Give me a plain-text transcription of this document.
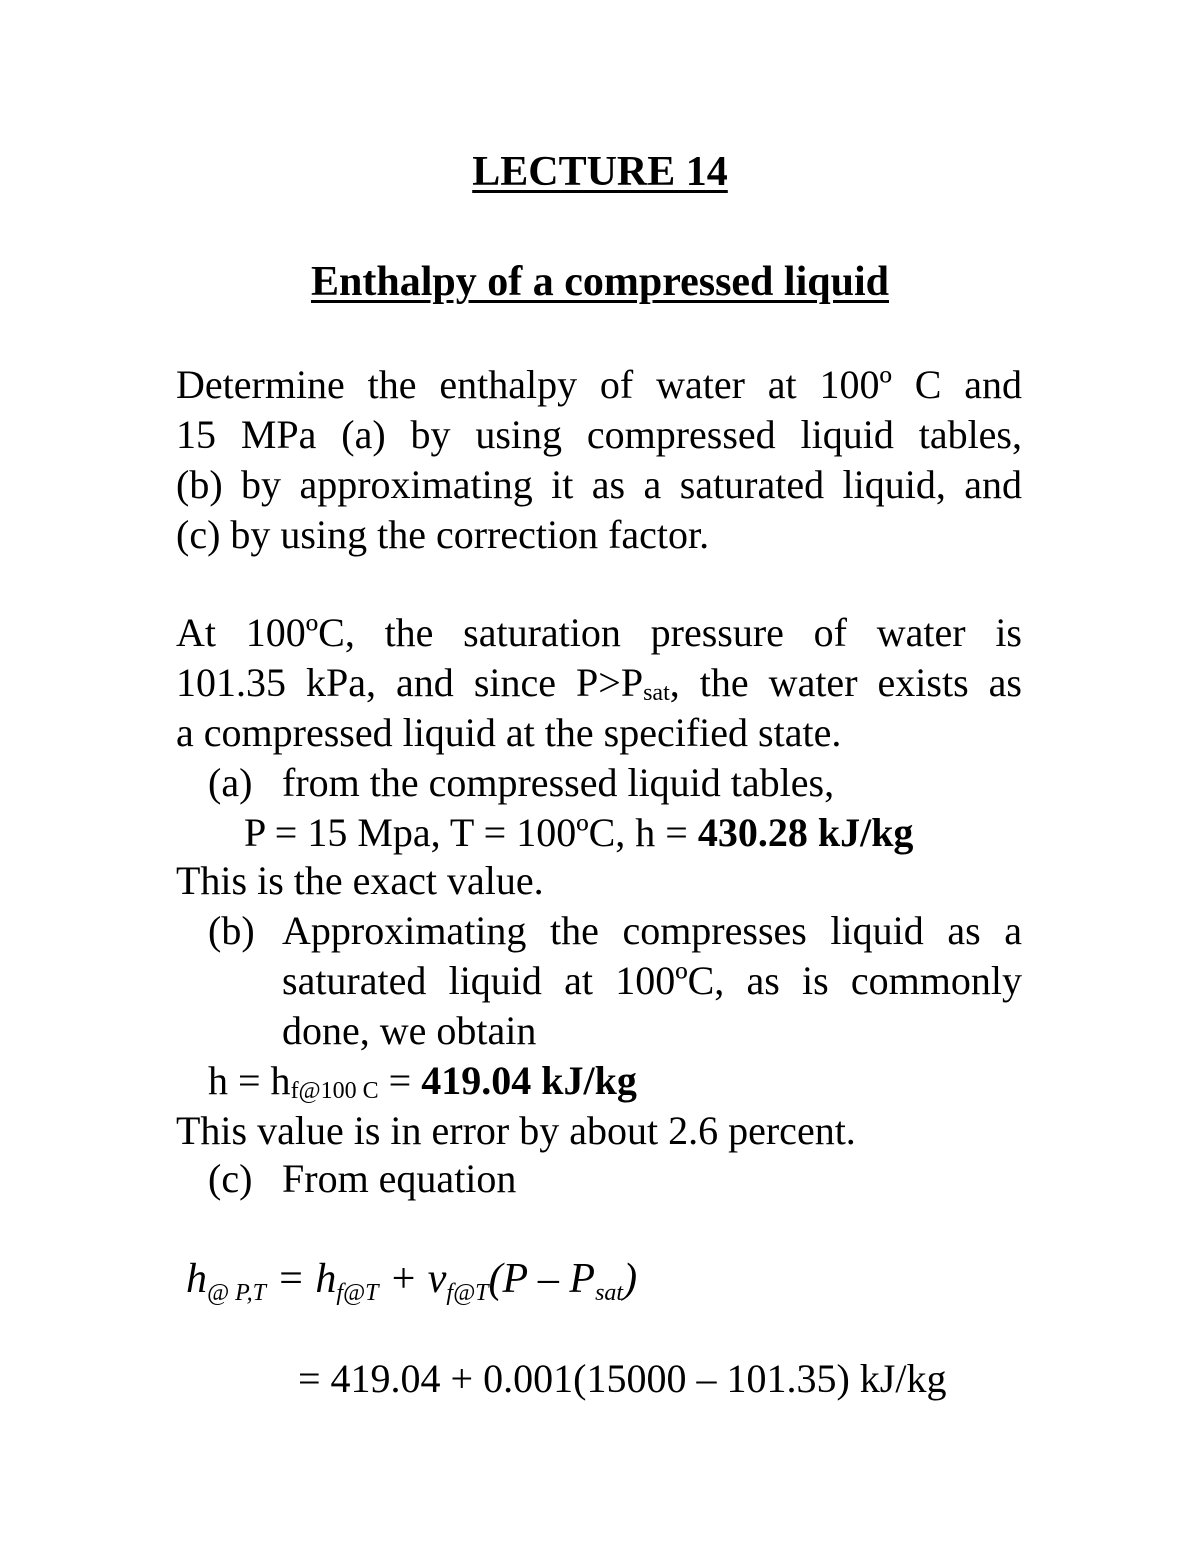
LECTURE 14
Enthalpy of a compressed liquid
Determine the enthalpy of water at 100º C and
15 MPa (a) by using compressed liquid tables,
(b) by approximating it as a saturated liquid, and
(c) by using the correction factor.
At 100ºC, the saturation pressure of water is
101.35 kPa, and since $P>P_{sat}$, the water exists as
a compressed liquid at the specified state.
(a) from the compressed liquid tables,
P = 15 Mpa, T = 100ºC, h = 430.28 kJ/kg
This is the exact value.
(b) Approximating the compresses liquid as a
saturated liquid at 100ºC, as is commonly
done, we obtain
$h = h_{f@100 C} = 419.04$ kJ/kg
This value is in error by about 2.6 percent.
(c) From equation
$h_{@ P,T} = h_{f@T} + v_{f@T}(P - P_{sat})$
= 419.04 + 0.001(15000 – 101.35) kJ/kg
